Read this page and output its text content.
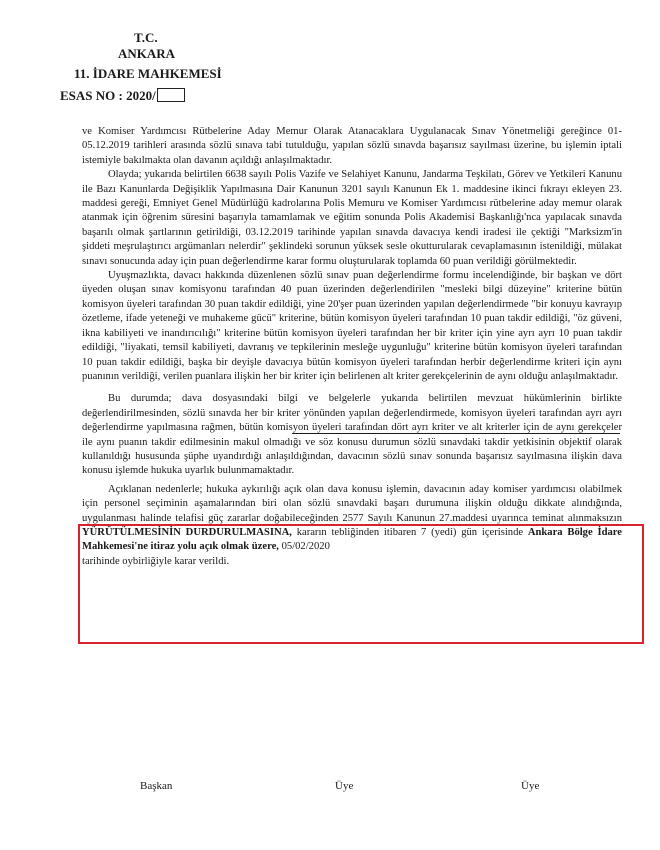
T.C.
ANKARA
11. İDARE MAHKEMESİ
ESAS NO : 2020/

ve Komiser Yardımcısı Rütbelerine Aday Memur Olarak Atanacaklara Uygulanacak Sınav Yönetmeliği gereğince 01-05.12.2019 tarihleri arasında sözlü sınava tabi tutulduğu, yapılan sözlü sınavda başarısız sayılması üzerine, bu işlemin iptali istemiyle bakılmakta olan davanın açıldığı anlaşılmaktadır.

Olayda; yukarıda belirtilen 6638 sayılı Polis Vazife ve Selahiyet Kanunu, Jandarma Teşkilatı, Görev ve Yetkileri Kanunu ile Bazı Kanunlarda Değişiklik Yapılmasına Dair Kanunun 3201 sayılı Kanunun Ek 1. maddesine ikinci fıkrayı ekleyen 23. maddesi gereği, Emniyet Genel Müdürlüğü kadrolarına Polis Memuru ve Komiser Yardımcısı rütbelerine aday memur olarak atanmak için öğrenim süresini başarıyla tamamlamak ve eğitim sonunda Polis Akademisi Başkanlığı'nca yapılacak sınavda başarılı olmak şartlarının getirildiği, 03.12.2019 tarihinde yapılan sınavda davacıya kendi iradesi ile çektiği "Marksizm'in şiddeti meşrulaştırıcı argümanları nelerdir" şeklindeki sorunun yüksek sesle okutturularak cevaplamasının istenildiği, mülakat sınavı sonucunda aday için puan değerlendirme karar formu oluşturularak toplamda 60 puan verildiği görülmektedir.

Uyuşmazlıkta, davacı hakkında düzenlenen sözlü sınav puan değerlendirme formu incelendiğinde, bir başkan ve dört üyeden oluşan sınav komisyonu tarafından 40 puan üzerinden değerlendirilen "mesleki bilgi düzeyine" kriterine bütün komisyon üyeleri tarafından 30 puan takdir edildiği, yine 20'şer puan üzerinden yapılan değerlendirmede "bir konuyu kavrayıp özetleme, ifade yeteneği ve muhakeme gücü" kriterine, bütün komisyon üyeleri tarafından 10 puan takdir edildiği, "öz güveni, ikna kabiliyeti ve inandırıcılığı" kriterine bütün komisyon üyeleri tarafından her bir kriter için yine ayrı ayrı 10 puan takdir edildiği, "liyakati, temsil kabiliyeti, davranış ve tepkilerinin mesleğe uygunluğu" kriterine bütün komisyon üyeleri tarafından 10 puan takdir edildiği, başka bir deyişle davacıya bütün komisyon üyeleri tarafından herbir değerlendirme kriteri için aynı puanının verildiği, verilen puanlara ilişkin her bir kriter için belirlenen alt kriter gerekçelerinin de aynı olduğu anlaşılmaktadır.

Bu durumda; dava dosyasındaki bilgi ve belgelerle yukarıda belirtilen mevzuat hükümlerinin birlikte değerlendirilmesinden, sözlü sınavda her bir kriter yönünden yapılan değerlendirmede, komisyon üyeleri tarafından ayrı ayrı değerlendirme yapılmasına rağmen, bütün komisyon üyeleri tarafından dört ayrı kriter ve alt kriterler için de aynı gerekçeler ile aynı puanın takdir edilmesinin makul olmadığı ve söz konusu durumun sözlü sınavdaki takdir yetkisinin objektif olarak kullanıldığı hususunda şüphe uyandırdığı anlaşıldığından, davacının sözlü sınav sonunda başarısız sayılmasına ilişkin dava konusu işlemde hukuka uyarlık bulunmamaktadır.

Açıklanan nedenlerle; hukuka aykırılığı açık olan dava konusu işlemin, davacının aday komiser yardımcısı olabilmek için personel seçiminin aşamalarından biri olan sözlü sınavdaki başarı durumuna ilişkin olduğu dikkate alındığında, uygulanması halinde telafisi güç zararlar doğabileceğinden 2577 Sayılı Kanunun 27.maddesi uyarınca teminat alınmaksızın YÜRÜTÜLMESİNİN DURDURULMASINA, kararın tebliğinden itibaren 7 (yedi) gün içerisinde Ankara Bölge İdare Mahkemesi'ne itiraz yolu açık olmak üzere, 05/02/2020

tarihinde oybirliğiyle karar verildi.

Başkan	Üye	Üye
